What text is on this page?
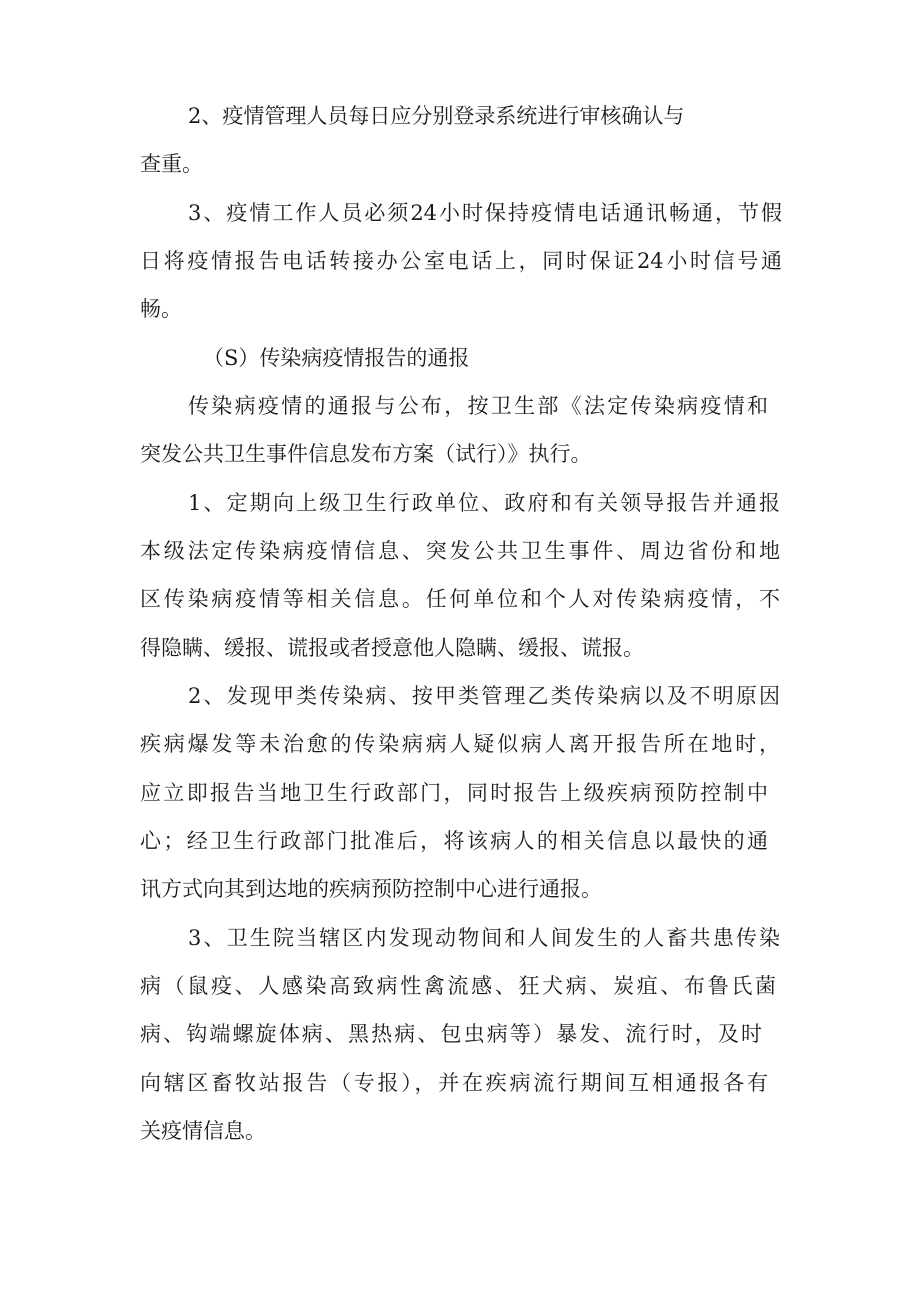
2、疫情管理人员每日应分别登录系统进行审核确认与

查重。

3、疫情工作人员必须24小时保持疫情电话通讯畅通，节假

日将疫情报告电话转接办公室电话上，同时保证24小时信号通

畅。

（S）传染病疫情报告的通报

传染病疫情的通报与公布，按卫生部《法定传染病疫情和

突发公共卫生事件信息发布方案（试行）》执行。

1、定期向上级卫生行政单位、政府和有关领导报告并通报

本级法定传染病疫情信息、突发公共卫生事件、周边省份和地

区传染病疫情等相关信息。任何单位和个人对传染病疫情，不

得隐瞒、缓报、谎报或者授意他人隐瞒、缓报、谎报。

2、发现甲类传染病、按甲类管理乙类传染病以及不明原因

疾病爆发等未治愈的传染病病人疑似病人离开报告所在地时，

应立即报告当地卫生行政部门，同时报告上级疾病预防控制中

心；经卫生行政部门批准后，将该病人的相关信息以最快的通

讯方式向其到达地的疾病预防控制中心进行通报。

3、卫生院当辖区内发现动物间和人间发生的人畜共患传染

病（鼠疫、人感染高致病性禽流感、狂犬病、炭疽、布鲁氏菌

病、钩端螺旋体病、黑热病、包虫病等）暴发、流行时，及时

向辖区畜牧站报告（专报），并在疾病流行期间互相通报各有

关疫情信息。
